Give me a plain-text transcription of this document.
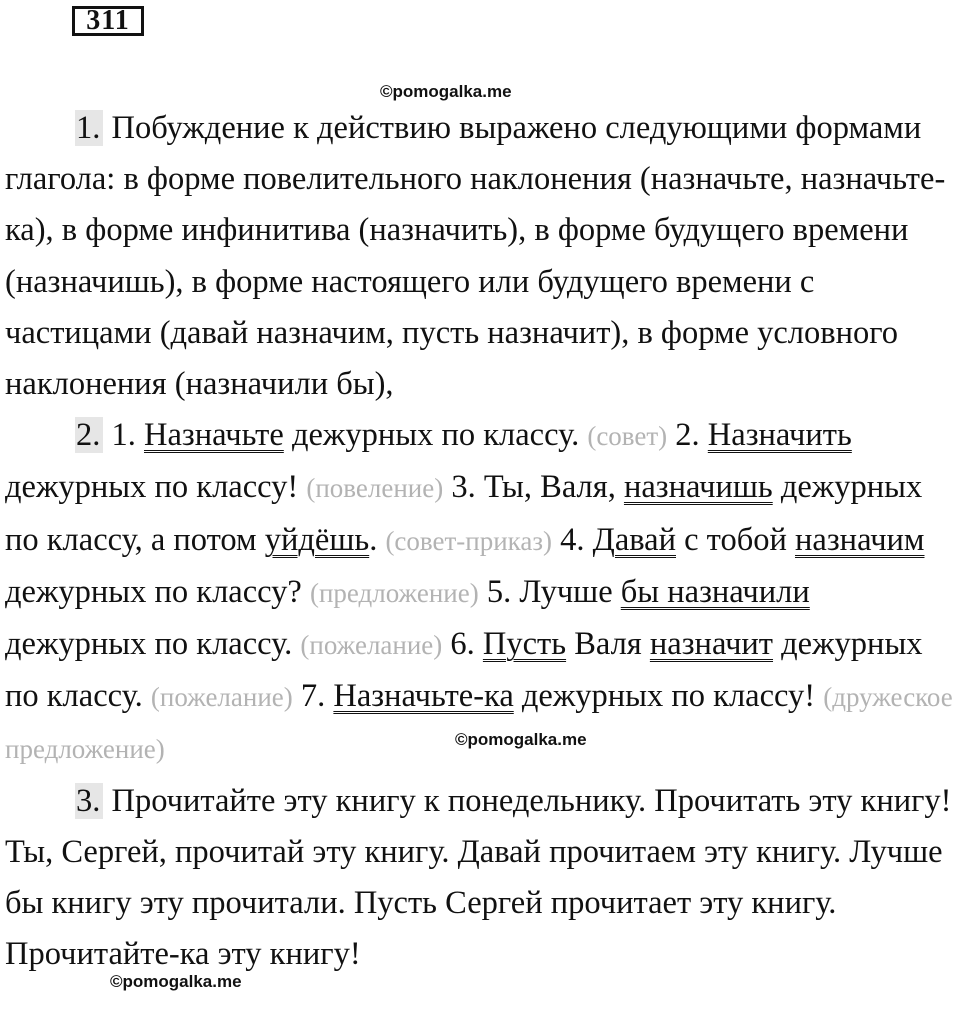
311
©pomogalka.me
©pomogalka.me
©pomogalka.me

1. Побуждение к действию выражено следующими формами глагола: в форме повелительного наклонения (назначьте, назначьте-ка), в форме инфинитива (назначить), в форме будущего времени (назначишь), в форме настоящего или будущего времени с частицами (давай назначим, пусть назначит), в форме условного наклонения (назначили бы),

2. 1. Назначьте дежурных по классу. (совет) 2. Назначить дежурных по классу! (повеление) 3. Ты, Валя, назначишь дежурных по классу, а потом уйдёшь. (совет-приказ) 4. Давай с тобой назначим дежурных по классу? (предложение) 5. Лучше бы назначили дежурных по классу. (пожелание) 6. Пусть Валя назначит дежурных по классу. (пожелание) 7. Назначьте-ка дежурных по классу! (дружеское предложение)

3. Прочитайте эту книгу к понедельнику. Прочитать эту книгу! Ты, Сергей, прочитай эту книгу. Давай прочитаем эту книгу. Лучше бы книгу эту прочитали. Пусть Сергей прочитает эту книгу. Прочитайте-ка эту книгу!
